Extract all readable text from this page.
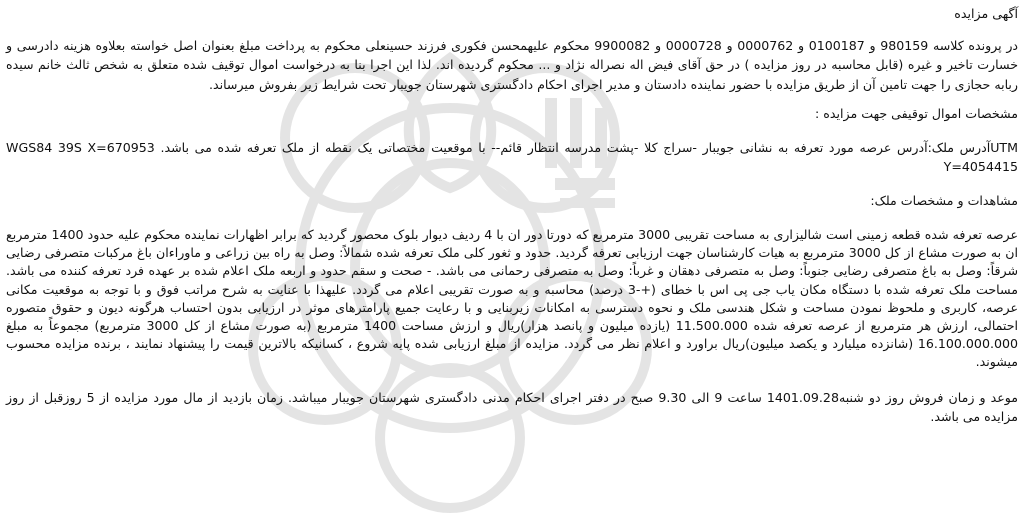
آگهی مزایده

در پرونده کلاسه 980159 و 0100187 و 0000762 و 0000728 و 9900082 محکوم علیهمحسن فکوری فرزند حسینعلی محکوم به پرداخت مبلغ بعنوان اصل خواسته بعلاوه هزینه دادرسی و خسارت تاخیر و غیره (قابل محاسبه در روز مزایده ) در حق آقای فیض اله نصراله نژاد و ... محکوم گردیده اند. لذا این اجرا بنا به درخواست اموال توقیف شده متعلق به شخص ثالث خانم سیده ربابه حجازی را جهت تامین آن از طریق مزایده با حضور نماینده دادستان و مدیر اجرای احکام دادگستری شهرستان جویبار تحت شرایط زیر بفروش میرساند.

مشخصات اموال توقیفی جهت مزایده :

UTMآدرس ملک:آدرس عرصه مورد تعرفه به نشانی جویبار -سراج کلا -پشت مدرسه انتظار قائم-- با موقعیت مختصاتی یک نقطه از ملک تعرفه شده می باشد. WGS84 39S X=670953 Y=4054415

مشاهدات و مشخصات ملک:

عرصه تعرفه شده قطعه زمینی است شالیزاری به مساحت تقریبی 3000 مترمربع که دورتا دور ان با 4 ردیف دیوار بلوک محصور گردید که برابر اظهارات نماینده محکوم علیه حدود 1400 مترمربع ان به صورت مشاع از کل 3000 مترمربع به هیات کارشناسان جهت ارزیابی تعرفه گردید. حدود و ثغور کلی ملک تعرفه شده شمالاً: وصل به راه بین زراعی و ماوراءان باغ مرکبات متصرفی رضایی شرقاً: وصل به باغ متصرفی رضایی جنوباً: وصل به متصرفی دهقان و غرباً: وصل به متصرفی رحمانی می باشد. - صحت و سقم حدود و اربعه ملک اعلام شده بر عهده فرد تعرفه کننده می باشد. مساحت ملک تعرفه شده با دستگاه مکان یاب جی پی اس با خطای (+-3 درصد) محاسبه و به صورت تقریبی اعلام می گردد. علیهذا با عنایت به شرح مراتب فوق و با توجه به موقعیت مکانی عرصه، کاربری و ملحوظ نمودن مساحت و شکل هندسی ملک و نحوه دسترسی به امکانات زیربنایی و با رعایت جمیع پارامترهای موثر در ارزیابی بدون احتساب هرگونه دیون و حقوق متصوره احتمالی، ارزش هر مترمربع از عرصه تعرفه شده 11.500.000 (یازده میلیون و پانصد هزار)ریال و ارزش مساحت 1400 مترمربع (به صورت مشاع از کل 3000 مترمربع) مجموعاً به مبلغ 16.100.000.000 (شانزده میلیارد و یکصد میلیون)ریال براورد و اعلام نظر می گردد. مزایده از مبلغ ارزیابی شده پایه شروع ، کسانیکه بالاترین قیمت را پیشنهاد نمایند ، برنده مزایده محسوب میشوند.

موعد و زمان فروش روز دو شنبه1401.09.28 ساعت 9 الی 9.30 صبح در دفتر اجرای احکام مدنی دادگستری شهرستان جویبار میباشد. زمان بازدید از مال مورد مزایده از 5 روزقبل از روز مزایده می باشد.
